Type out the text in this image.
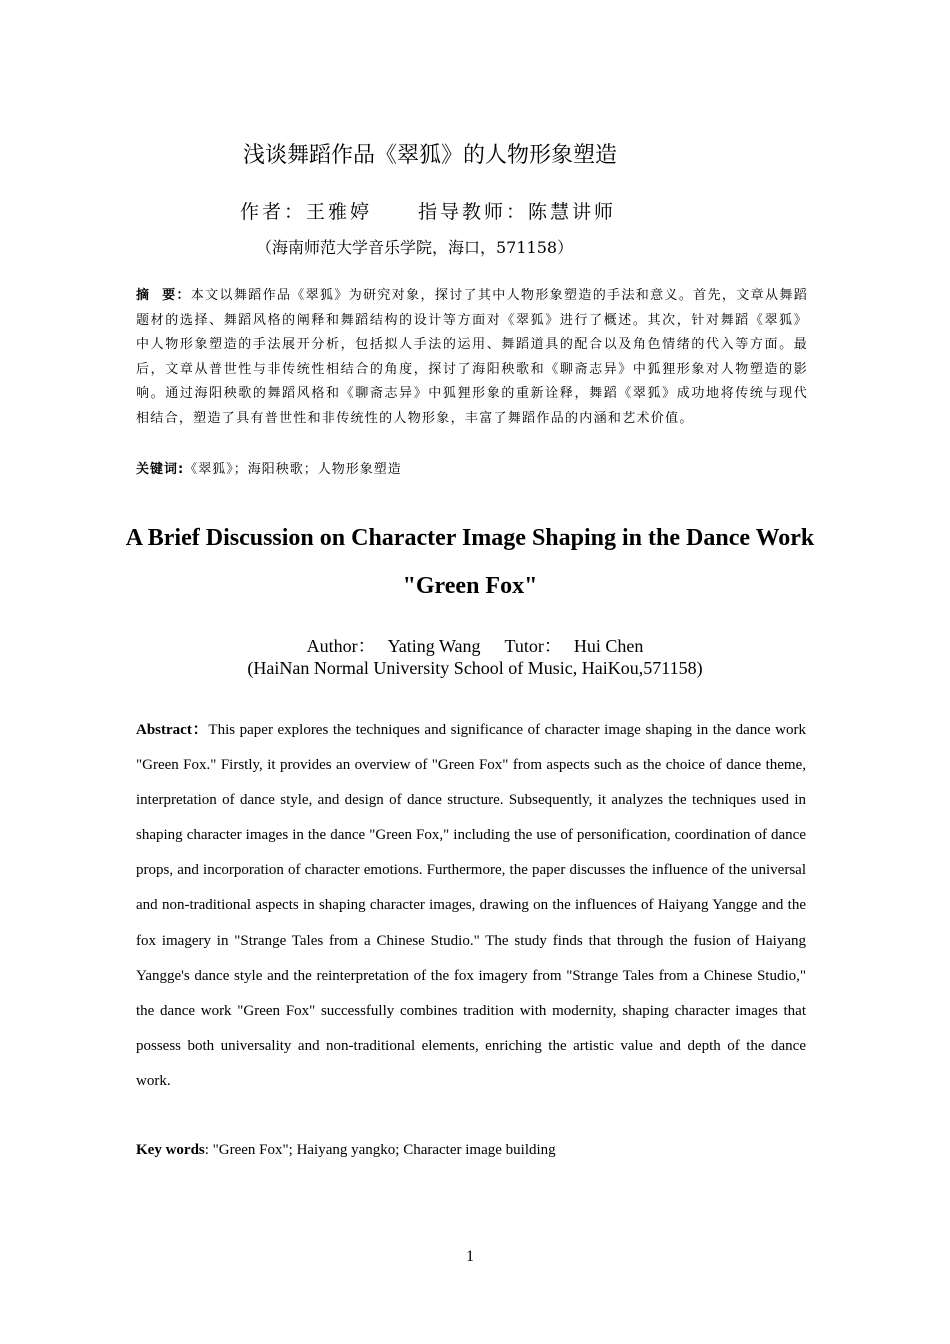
浅谈舞蹈作品《翠狐》的人物形象塑造
作者：王雅婷 指导教师：陈慧讲师
（海南师范大学音乐学院，海口，571158）
摘  要：本文以舞蹈作品《翠狐》为研究对象，探讨了其中人物形象塑造的手法和意义。首先，文章从舞蹈题材的选择、舞蹈风格的阐释和舞蹈结构的设计等方面对《翠狐》进行了概述。其次，针对舞蹈《翠狐》中人物形象塑造的手法展开分析，包括拟人手法的运用、舞蹈道具的配合以及角色情绪的代入等方面。最后，文章从普世性与非传统性相结合的角度，探讨了海阳秧歌和《聊斋志异》中狐狸形象对人物塑造的影响。通过海阳秧歌的舞蹈风格和《聊斋志异》中狐狸形象的重新诠释，舞蹈《翠狐》成功地将传统与现代相结合，塑造了具有普世性和非传统性的人物形象，丰富了舞蹈作品的内涵和艺术价值。
关键词:《翠狐》；海阳秧歌；人物形象塑造
A Brief Discussion on Character Image Shaping in the Dance Work "Green Fox"
Author： Yating Wang Tutor： Hui Chen
(HaiNan Normal University School of Music, HaiKou,571158)
Abstract：This paper explores the techniques and significance of character image shaping in the dance work "Green Fox." Firstly, it provides an overview of "Green Fox" from aspects such as the choice of dance theme, interpretation of dance style, and design of dance structure. Subsequently, it analyzes the techniques used in shaping character images in the dance "Green Fox," including the use of personification, coordination of dance props, and incorporation of character emotions. Furthermore, the paper discusses the influence of the universal and non-traditional aspects in shaping character images, drawing on the influences of Haiyang Yangge and the fox imagery in "Strange Tales from a Chinese Studio." The study finds that through the fusion of Haiyang Yangge's dance style and the reinterpretation of the fox imagery from "Strange Tales from a Chinese Studio," the dance work "Green Fox" successfully combines tradition with modernity, shaping character images that possess both universality and non-traditional elements, enriching the artistic value and depth of the dance work.
Key words: "Green Fox"; Haiyang yangko; Character image building
1
